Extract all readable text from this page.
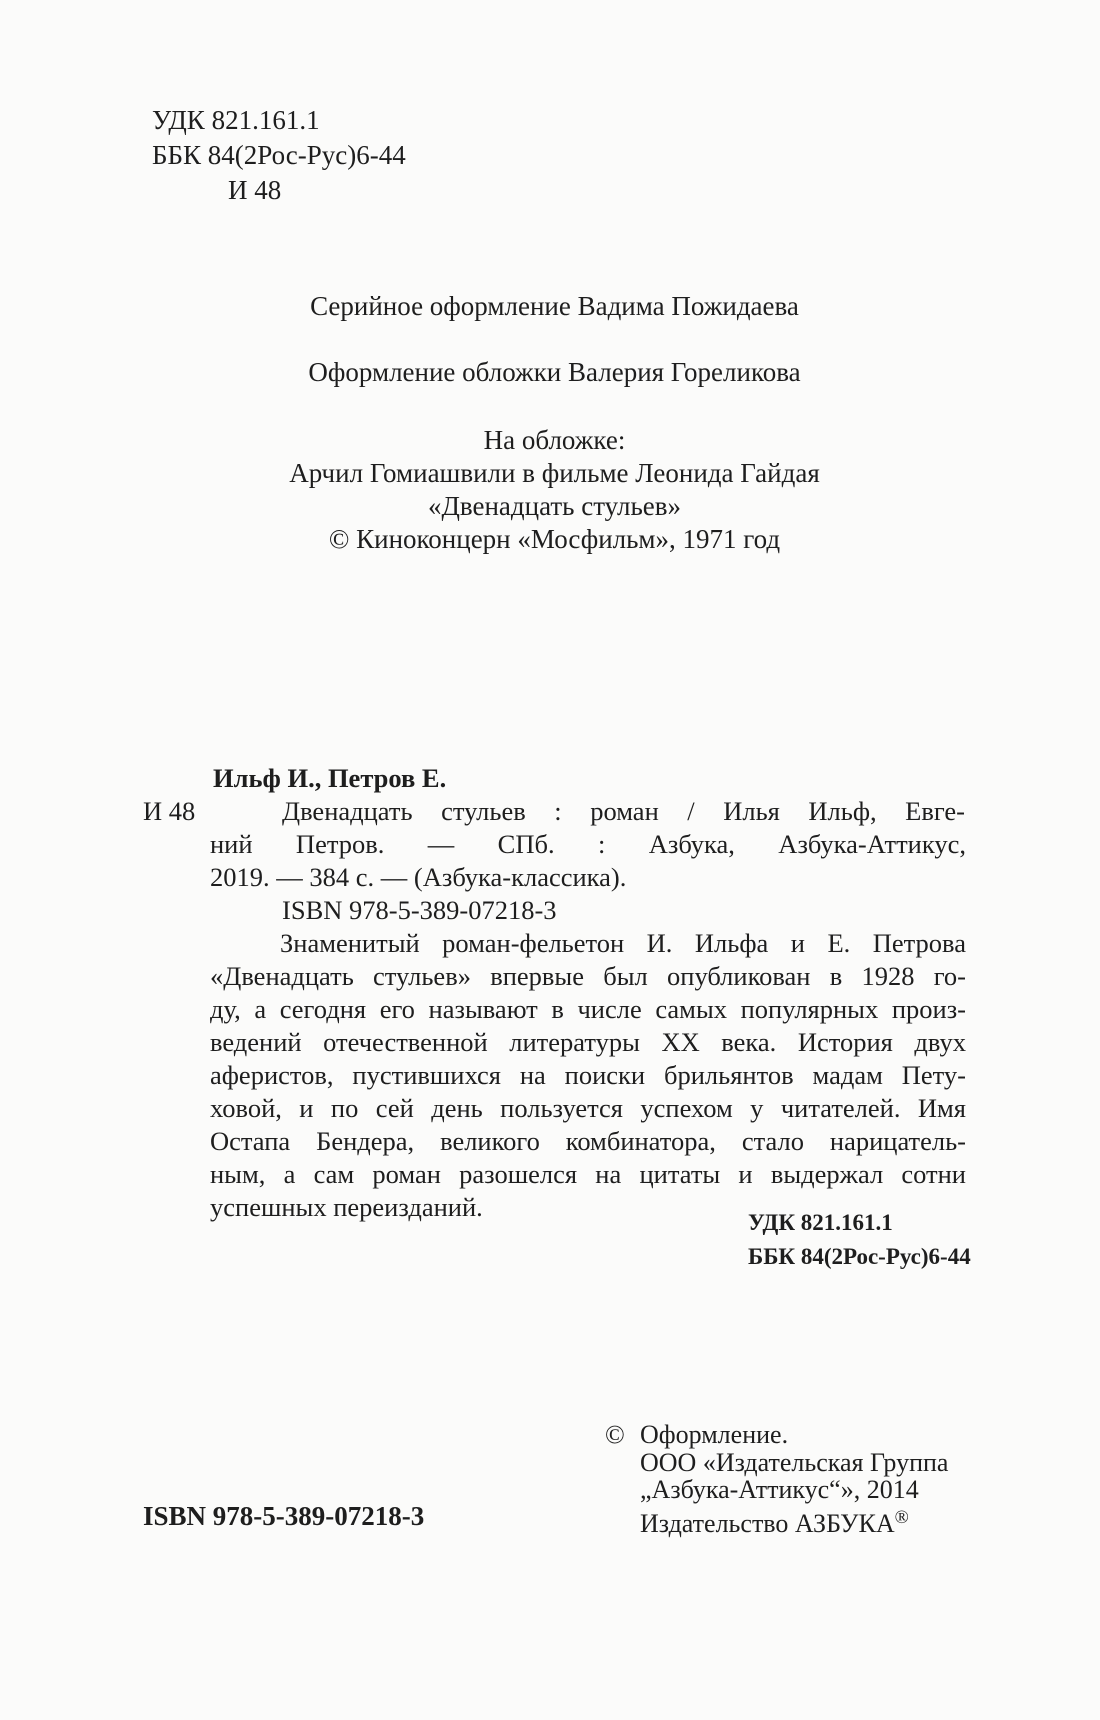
УДК 821.161.1
ББК 84(2Рос-Рус)6-44
И 48
Серийное оформление Вадима Пожидаева
Оформление обложки Валерия Гореликова
На обложке:
Арчил Гомиашвили в фильме Леонида Гайдая
«Двенадцать стульев»
© Киноконцерн «Мосфильм», 1971 год
Ильф И., Петров Е.
И 48	Двенадцать стульев : роман / Илья Ильф, Евге-
ний Петров. — СПб. : Азбука, Азбука-Аттикус,
2019. — 384 с. — (Азбука-классика).
ISBN 978-5-389-07218-3
Знаменитый роман-фельетон И. Ильфа и Е. Петрова
«Двенадцать стульев» впервые был опубликован в 1928 го-
ду, а сегодня его называют в числе самых популярных произ-
ведений отечественной литературы XX века. История двух
аферистов, пустившихся на поиски брильянтов мадам Пету-
ховой, и по сей день пользуется успехом у читателей. Имя
Остапа Бендера, великого комбинатора, стало нарицатель-
ным, а сам роман разошелся на цитаты и выдержал сотни
успешных переизданий.
УДК 821.161.1
ББК 84(2Рос-Рус)6-44
ISBN 978-5-389-07218-3
© Оформление.
ООО «Издательская Группа
„Азбука-Аттикус“», 2014
Издательство АЗБУКА®
